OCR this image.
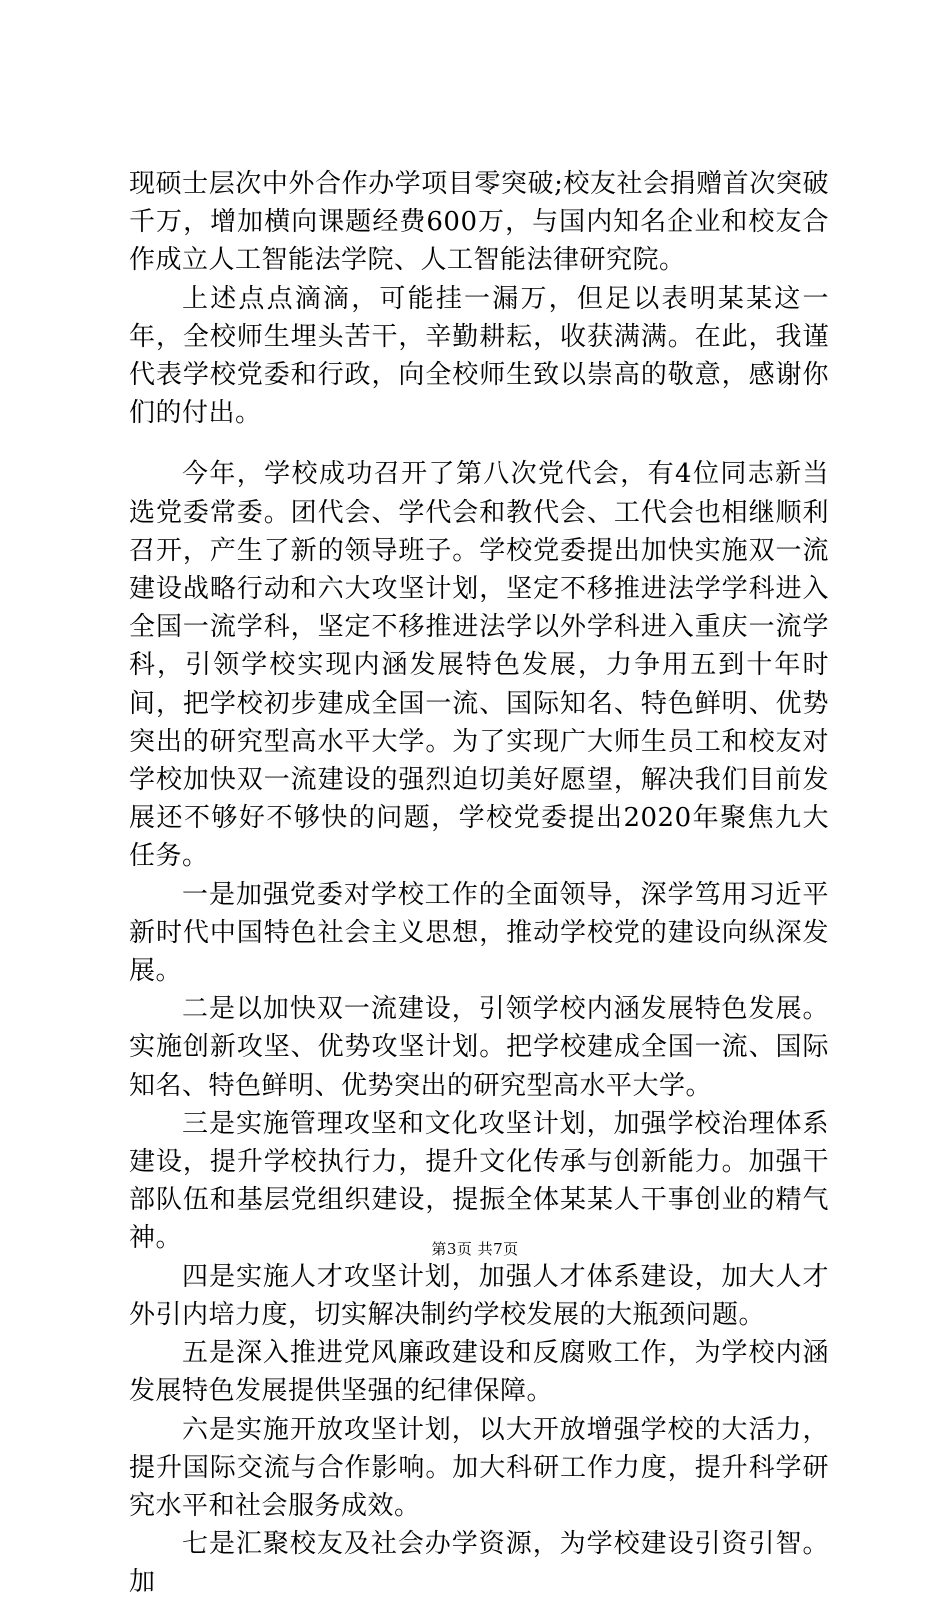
现硕士层次中外合作办学项目零突破;校友社会捐赠首次突破千万，增加横向课题经费600万，与国内知名企业和校友合作成立人工智能法学院、人工智能法律研究院。

上述点点滴滴，可能挂一漏万，但足以表明某某这一年，全校师生埋头苦干，辛勤耕耘，收获满满。在此，我谨代表学校党委和行政，向全校师生致以崇高的敬意，感谢你们的付出。

今年，学校成功召开了第八次党代会，有4位同志新当选党委常委。团代会、学代会和教代会、工代会也相继顺利召开，产生了新的领导班子。学校党委提出加快实施双一流建设战略行动和六大攻坚计划，坚定不移推进法学学科进入全国一流学科，坚定不移推进法学以外学科进入重庆一流学科，引领学校实现内涵发展特色发展，力争用五到十年时间，把学校初步建成全国一流、国际知名、特色鲜明、优势突出的研究型高水平大学。为了实现广大师生员工和校友对学校加快双一流建设的强烈迫切美好愿望，解决我们目前发展还不够好不够快的问题，学校党委提出2020年聚焦九大任务。

一是加强党委对学校工作的全面领导，深学笃用习近平新时代中国特色社会主义思想，推动学校党的建设向纵深发展。

二是以加快双一流建设，引领学校内涵发展特色发展。实施创新攻坚、优势攻坚计划。把学校建成全国一流、国际知名、特色鲜明、优势突出的研究型高水平大学。

三是实施管理攻坚和文化攻坚计划，加强学校治理体系建设，提升学校执行力，提升文化传承与创新能力。加强干部队伍和基层党组织建设，提振全体某某人干事创业的精气神。

四是实施人才攻坚计划，加强人才体系建设，加大人才外引内培力度，切实解决制约学校发展的大瓶颈问题。

五是深入推进党风廉政建设和反腐败工作，为学校内涵发展特色发展提供坚强的纪律保障。

六是实施开放攻坚计划，以大开放增强学校的大活力，提升国际交流与合作影响。加大科研工作力度，提升科学研究水平和社会服务成效。

七是汇聚校友及社会办学资源，为学校建设引资引智。加

第3页 共7页
